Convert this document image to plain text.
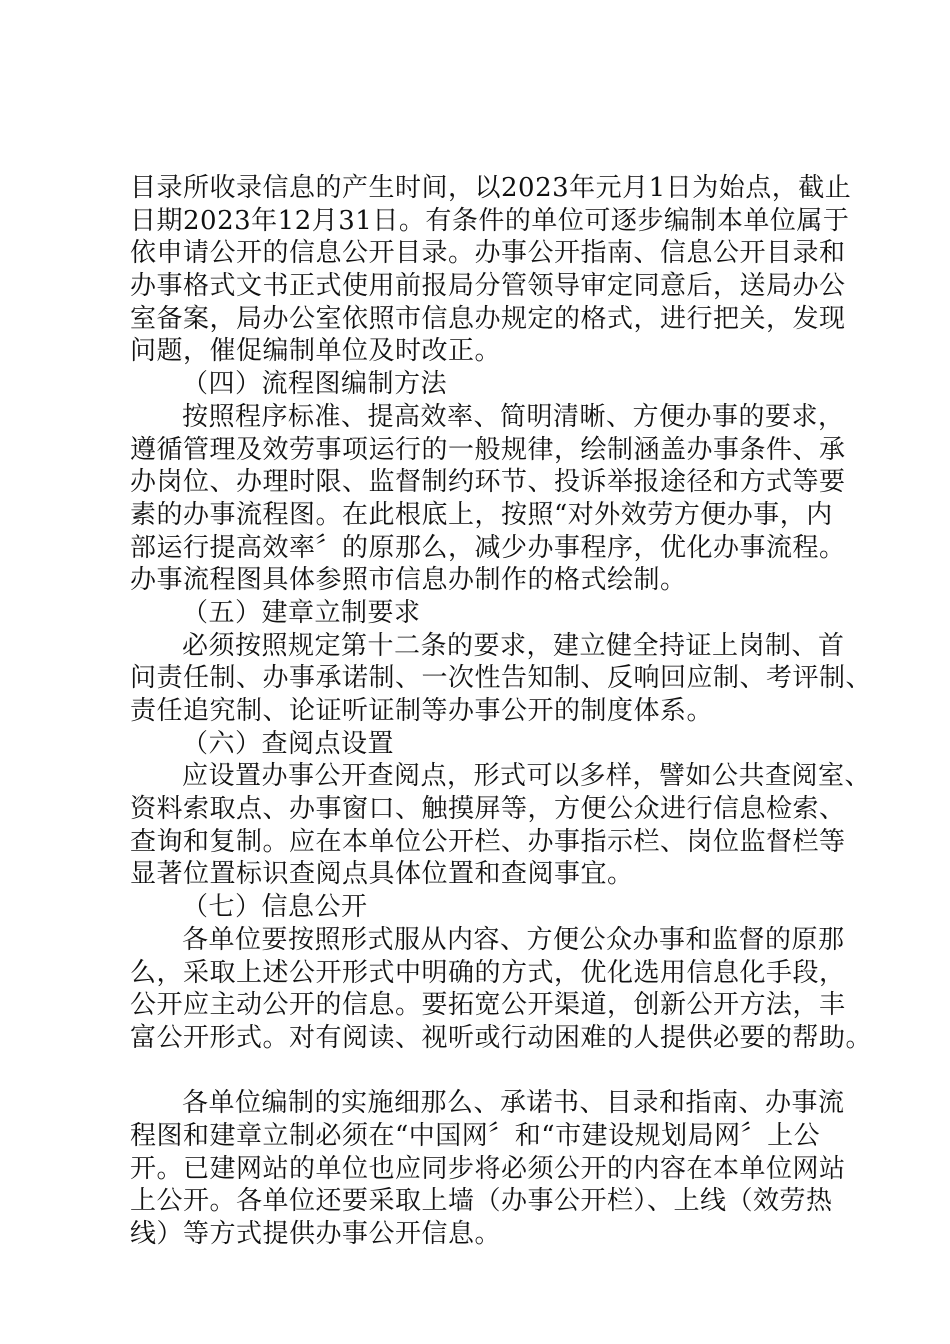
目录所收录信息的产生时间，以2023年元月1日为始点，截止
日期2023年12月31日。有条件的单位可逐步编制本单位属于
依申请公开的信息公开目录。办事公开指南、信息公开目录和
办事格式文书正式使用前报局分管领导审定同意后，送局办公
室备案，局办公室依照市信息办规定的格式，进行把关，发现
问题，催促编制单位及时改正。
（四）流程图编制方法
按照程序标准、提高效率、简明清晰、方便办事的要求，
遵循管理及效劳事项运行的一般规律，绘制涵盖办事条件、承
办岗位、办理时限、监督制约环节、投诉举报途径和方式等要
素的办事流程图。在此根底上，按照“对外效劳方便办事，内
部运行提高效率〞的原那么，减少办事程序，优化办事流程。
办事流程图具体参照市信息办制作的格式绘制。
（五）建章立制要求
必须按照规定第十二条的要求，建立健全持证上岗制、首
问责任制、办事承诺制、一次性告知制、反响回应制、考评制、
责任追究制、论证听证制等办事公开的制度体系。
（六）查阅点设置
应设置办事公开查阅点，形式可以多样，譬如公共查阅室、
资料索取点、办事窗口、触摸屏等，方便公众进行信息检索、
查询和复制。应在本单位公开栏、办事指示栏、岗位监督栏等
显著位置标识查阅点具体位置和查阅事宜。
（七）信息公开
各单位要按照形式服从内容、方便公众办事和监督的原那
么，采取上述公开形式中明确的方式，优化选用信息化手段，
公开应主动公开的信息。要拓宽公开渠道，创新公开方法，丰
富公开形式。对有阅读、视听或行动困难的人提供必要的帮助。
各单位编制的实施细那么、承诺书、目录和指南、办事流
程图和建章立制必须在“中国网〞和“市建设规划局网〞上公
开。已建网站的单位也应同步将必须公开的内容在本单位网站
上公开。各单位还要采取上墙（办事公开栏）、上线（效劳热
线）等方式提供办事公开信息。
